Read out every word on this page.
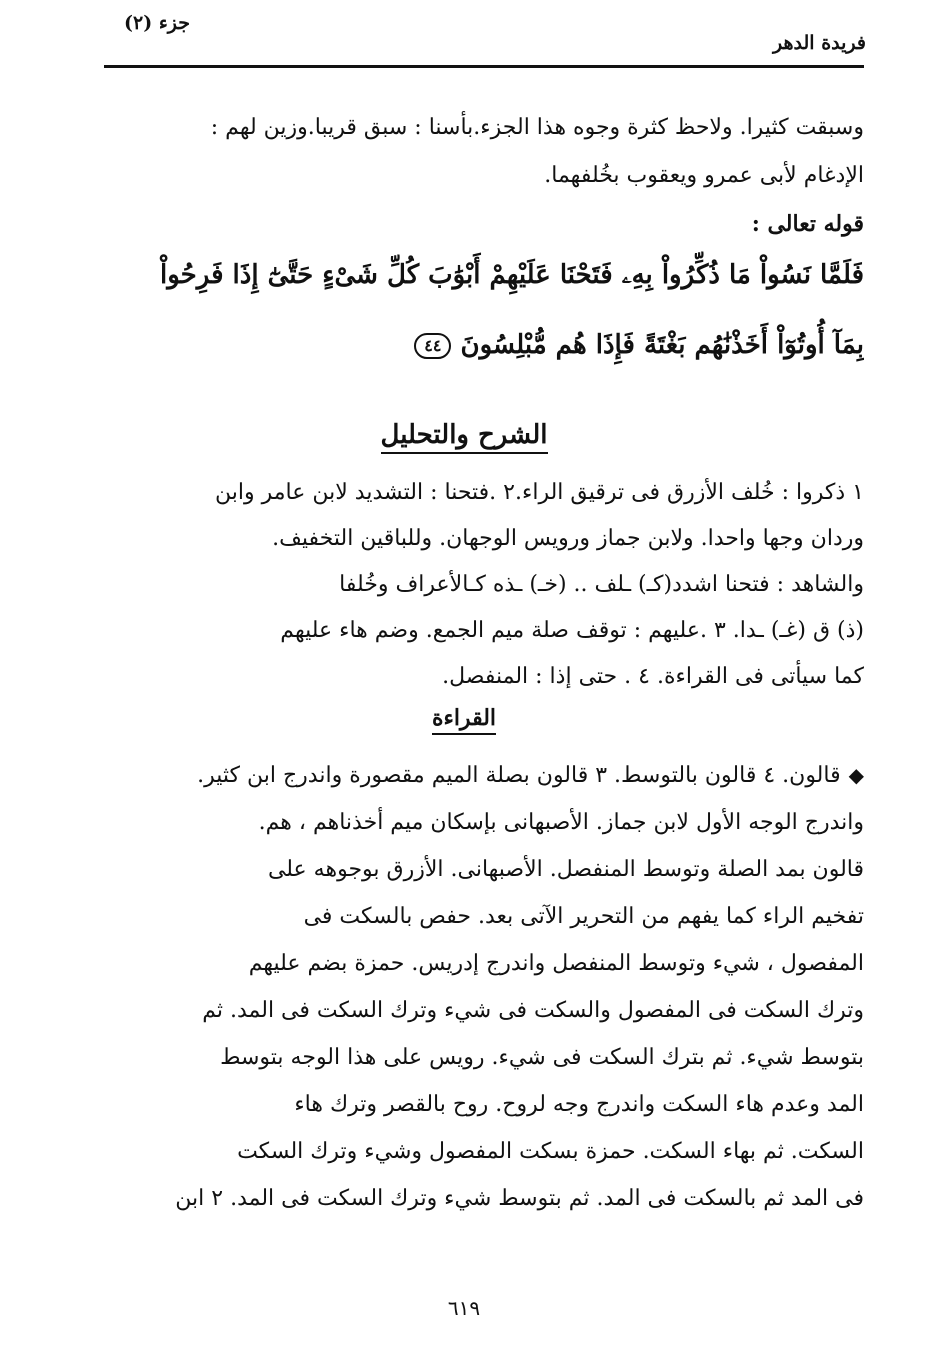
فريدة الدهر
جزء (٢)
وسبقت كثيرا. ولاحظ كثرة وجوه هذا الجزء.بأسنا : سبق قريبا.وزين لهم :
الإدغام لأبى عمرو ويعقوب بخُلفهما.
قوله تعالى :
فَلَمَّا نَسُواْ مَا ذُكِّرُواْ بِهِۦ فَتَحْنَا عَلَيْهِمْ أَبْوَٰبَ كُلِّ شَىْءٍ حَتَّىٰٓ إِذَا فَرِحُواْ
بِمَآ أُوتُوٓاْ أَخَذْنَٰهُم بَغْتَةً فَإِذَا هُم مُّبْلِسُونَ ٤٤
الشرح والتحليل
١ ذكروا : خُلف الأزرق فى ترقيق الراء.٢ .فتحنا : التشديد لابن عامر وابن
وردان وجها واحدا. ولابن جماز ورويس الوجهان. وللباقين التخفيف.
والشاهد : فتحنا اشدد(كـ) ـلف .. (خـ) ـذه كـالأعراف وخُلفا
(ذ) ق (غـ) ـدا. ٣ .عليهم : توقف صلة ميم الجمع. وضم هاء عليهم
كما سيأتى فى القراءة. ٤ . حتى إذا : المنفصل.
القراءة
◆قالون. ٤ قالون بالتوسط. ٣ قالون بصلة الميم مقصورة واندرج ابن كثير.
واندرج الوجه الأول لابن جماز. الأصبهانى بإسكان ميم أخذناهم ، هم.
قالون بمد الصلة وتوسط المنفصل. الأصبهانى. الأزرق بوجوهه على
تفخيم الراء كما يفهم من التحرير الآتى بعد. حفص بالسكت فى
المفصول ، شيء وتوسط المنفصل واندرج إدريس. حمزة بضم عليهم
وترك السكت فى المفصول والسكت فى شيء وترك السكت فى المد. ثم
بتوسط شيء. ثم بترك السكت فى شيء. رويس على هذا الوجه بتوسط
المد وعدم هاء السكت واندرج وجه لروح. روح بالقصر وترك هاء
السكت. ثم بهاء السكت. حمزة بسكت المفصول وشيء وترك السكت
فى المد ثم بالسكت فى المد. ثم بتوسط شيء وترك السكت فى المد. ٢ ابن
٦١٩
